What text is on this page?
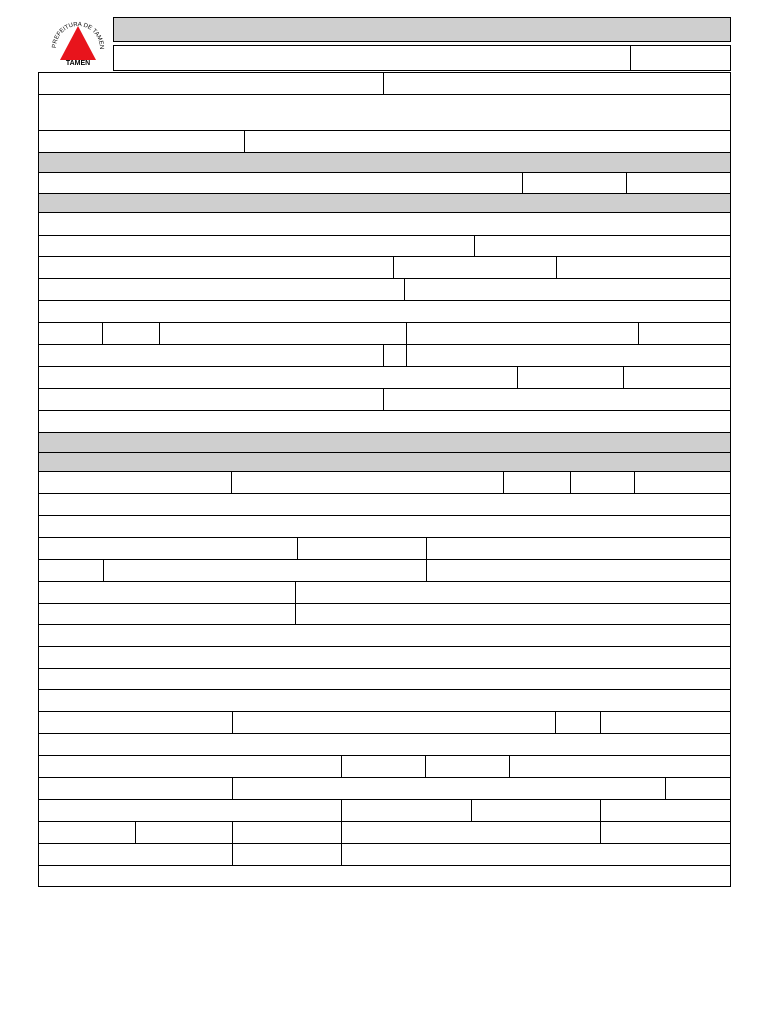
PREFEITURA DE TAMEN
TAMEN
